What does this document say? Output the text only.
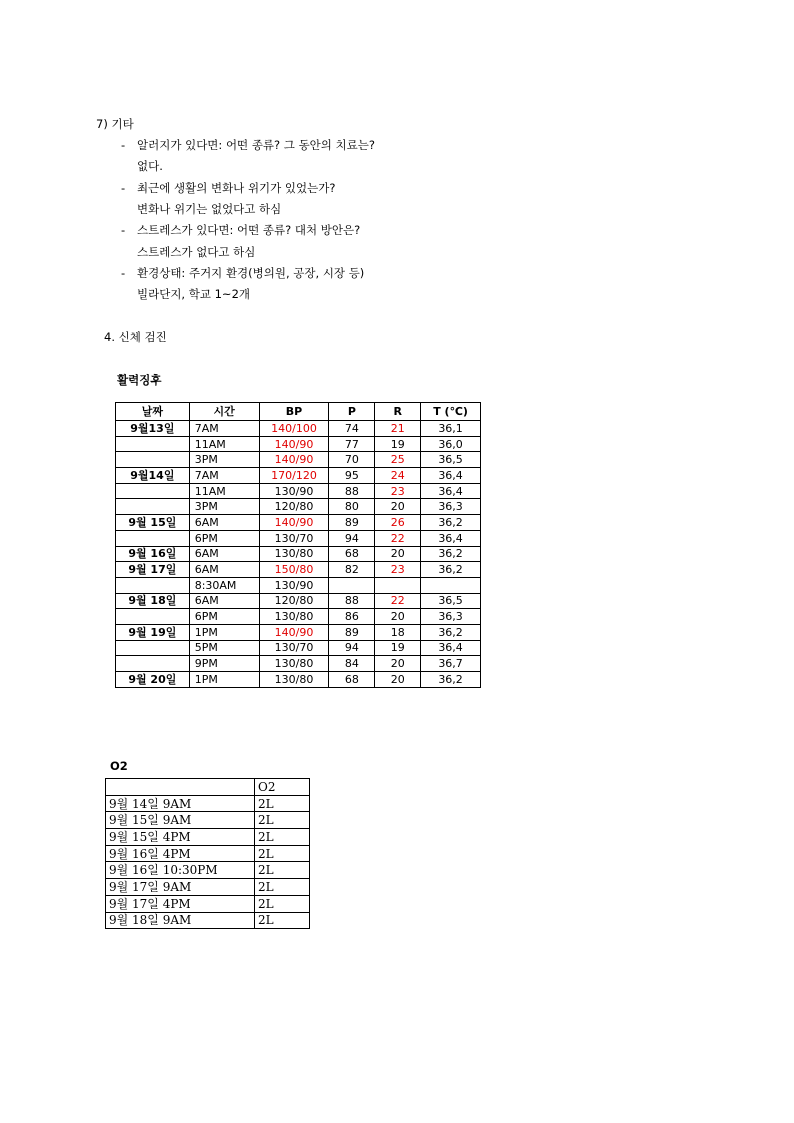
7) 기타
- 알러지가 있다면: 어떤 종류? 그 동안의 치료는?
없다.
- 최근에 생활의 변화나 위기가 있었는가?
변화나 위기는 없었다고 하심
- 스트레스가 있다면: 어떤 종류? 대처 방안은?
스트레스가 없다고 하심
- 환경상태: 주거지 환경(병의원, 공장, 시장 등)
빌라단지, 학교 1~2개
4. 신체 검진
활력징후
날짜	시간	BP	P	R	T (℃)
9월13일	7AM	140/100	74	21	36,1
	11AM	140/90	77	19	36,0
	3PM	140/90	70	25	36,5
9월14일	7AM	170/120	95	24	36,4
	11AM	130/90	88	23	36,4
	3PM	120/80	80	20	36,3
9월 15일	6AM	140/90	89	26	36,2
	6PM	130/70	94	22	36,4
9월 16일	6AM	130/80	68	20	36,2
9월 17일	6AM	150/80	82	23	36,2
	8:30AM	130/90			
9월 18일	6AM	120/80	88	22	36,5
	6PM	130/80	86	20	36,3
9월 19일	1PM	140/90	89	18	36,2
	5PM	130/70	94	19	36,4
	9PM	130/80	84	20	36,7
9월 20일	1PM	130/80	68	20	36,2
O2
	O2
9월 14일 9AM	2L
9월 15일 9AM	2L
9월 15일 4PM	2L
9월 16일 4PM	2L
9월 16일 10:30PM	2L
9월 17일 9AM	2L
9월 17일 4PM	2L
9월 18일 9AM	2L
